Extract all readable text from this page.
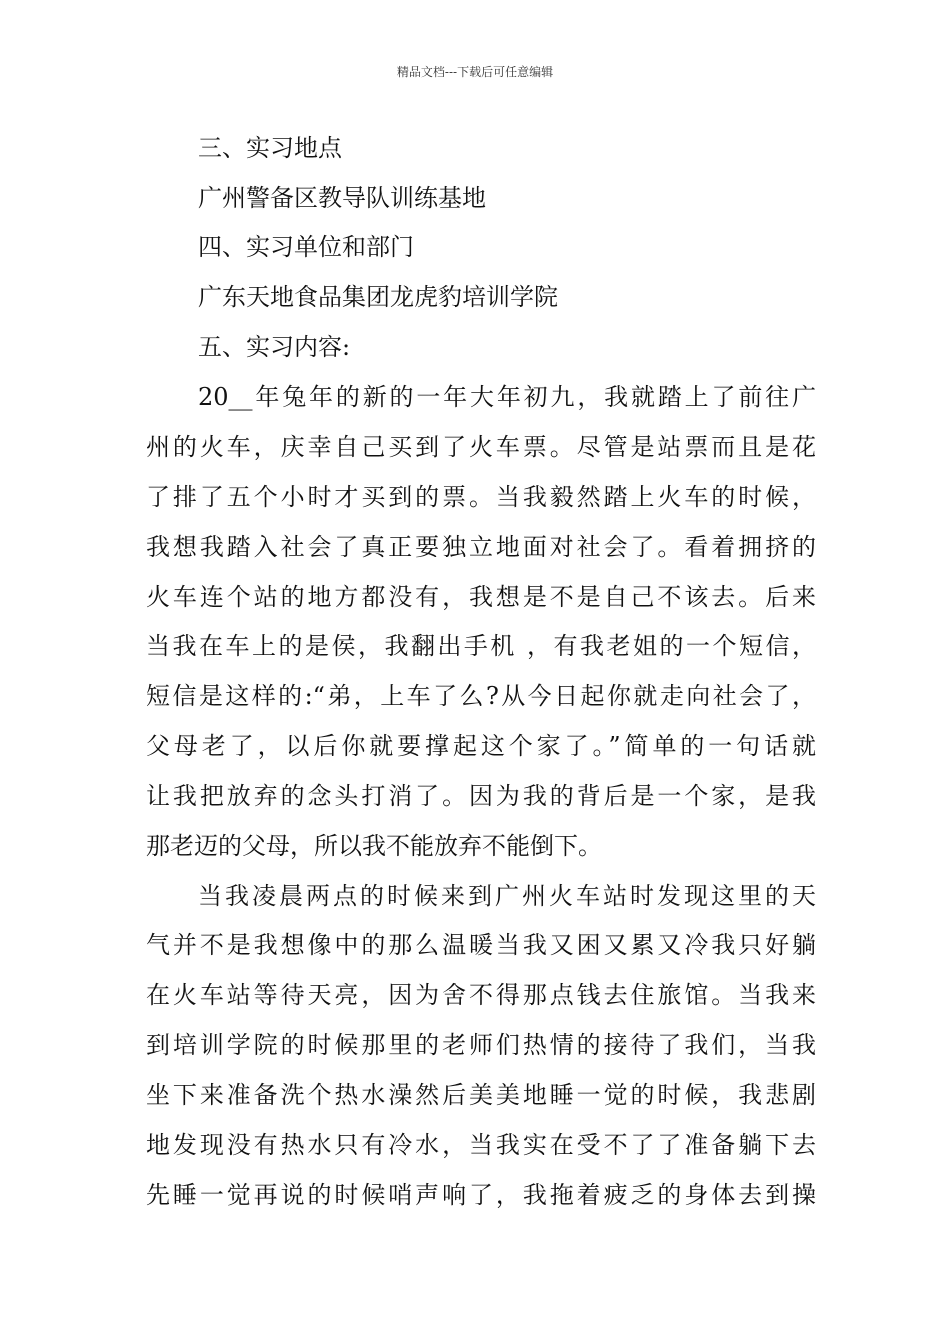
精品文档---下载后可任意编辑
三、实习地点
广州警备区教导队训练基地
四、实习单位和部门
广东天地食品集团龙虎豹培训学院
五、实习内容:
20__年兔年的新的一年大年初九，我就踏上了前往广
州的火车，庆幸自己买到了火车票。尽管是站票而且是花
了排了五个小时才买到的票。当我毅然踏上火车的时候，
我想我踏入社会了真正要独立地面对社会了。看着拥挤的
火车连个站的地方都没有，我想是不是自己不该去。后来
当我在车上的是侯，我翻出手机 ，有我老姐的一个短信，
短信是这样的:“弟，上车了么?从今日起你就走向社会了，
父母老了，以后你就要撑起这个家了。”简单的一句话就
让我把放弃的念头打消了。因为我的背后是一个家，是我
那老迈的父母，所以我不能放弃不能倒下。
当我凌晨两点的时候来到广州火车站时发现这里的天
气并不是我想像中的那么温暖当我又困又累又冷我只好躺
在火车站等待天亮，因为舍不得那点钱去住旅馆。当我来
到培训学院的时候那里的老师们热情的接待了我们，当我
坐下来准备洗个热水澡然后美美地睡一觉的时候，我悲剧
地发现没有热水只有冷水，当我实在受不了了准备躺下去
先睡一觉再说的时候哨声响了，我拖着疲乏的身体去到操
